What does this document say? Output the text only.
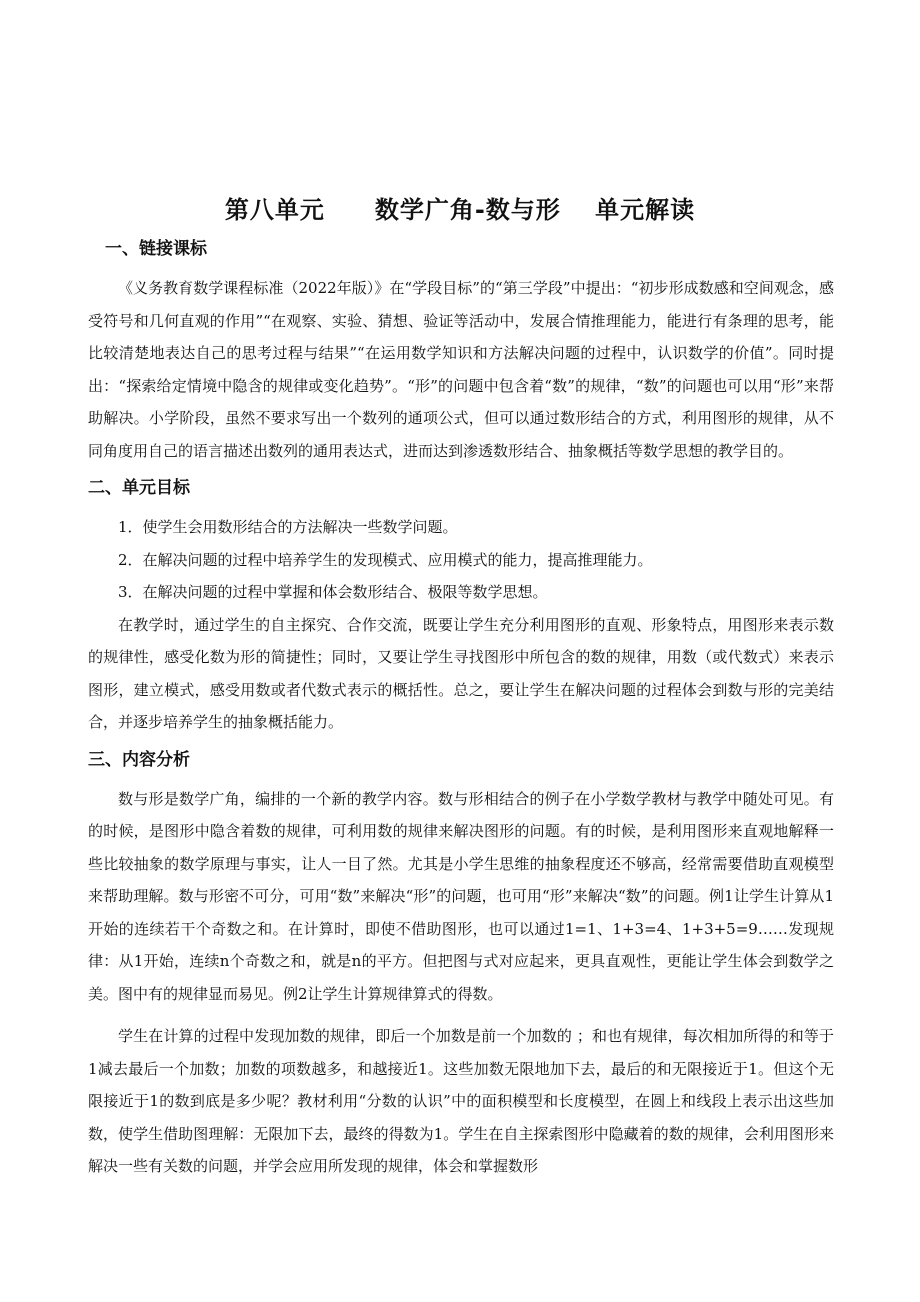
第八单元　　数学广角-数与形　 单元解读
　一、链接课标

《义务教育数学课程标准（2022年版）》在“学段目标”的“第三学段”中提出：“初步形成数感和空间观念，感受符号和几何直观的作用”“在观察、实验、猜想、验证等活动中，发展合情推理能力，能进行有条理的思考，能比较清楚地表达自己的思考过程与结果”“在运用数学知识和方法解决问题的过程中，认识数学的价值”。同时提出：“探索给定情境中隐含的规律或变化趋势”。“形”的问题中包含着“数”的规律，“数”的问题也可以用“形”来帮助解决。小学阶段，虽然不要求写出一个数列的通项公式，但可以通过数形结合的方式，利用图形的规律，从不同角度用自己的语言描述出数列的通用表达式，进而达到渗透数形结合、抽象概括等数学思想的教学目的。

二、单元目标

1．使学生会用数形结合的方法解决一些数学问题。

2．在解决问题的过程中培养学生的发现模式、应用模式的能力，提高推理能力。

3．在解决问题的过程中掌握和体会数形结合、极限等数学思想。

在教学时，通过学生的自主探究、合作交流，既要让学生充分利用图形的直观、形象特点，用图形来表示数的规律性，感受化数为形的简捷性；同时，又要让学生寻找图形中所包含的数的规律，用数（或代数式）来表示图形，建立模式，感受用数或者代数式表示的概括性。总之，要让学生在解决问题的过程体会到数与形的完美结合，并逐步培养学生的抽象概括能力。

三、内容分析

数与形是数学广角，编排的一个新的教学内容。数与形相结合的例子在小学数学教材与教学中随处可见。有的时候，是图形中隐含着数的规律，可利用数的规律来解决图形的问题。有的时候，是利用图形来直观地解释一些比较抽象的数学原理与事实，让人一目了然。尤其是小学生思维的抽象程度还不够高，经常需要借助直观模型来帮助理解。数与形密不可分，可用“数”来解决“形”的问题，也可用“形”来解决“数”的问题。例1让学生计算从1开始的连续若干个奇数之和。在计算时，即使不借助图形，也可以通过1=1、1+3=4、1+3+5=9……发现规律：从1开始，连续n个奇数之和，就是n的平方。但把图与式对应起来，更具直观性，更能让学生体会到数学之美。图中有的规律显而易见。例2让学生计算规律算式的得数。

学生在计算的过程中发现加数的规律，即后一个加数是前一个加数的 ；和也有规律，每次相加所得的和等于1减去最后一个加数；加数的项数越多，和越接近1。这些加数无限地加下去，最后的和无限接近于1。但这个无限接近于1的数到底是多少呢？教材利用“分数的认识”中的面积模型和长度模型，在圆上和线段上表示出这些加数，使学生借助图理解：无限加下去，最终的得数为1。学生在自主探索图形中隐藏着的数的规律，会利用图形来解决一些有关数的问题，并学会应用所发现的规律，体会和掌握数形
